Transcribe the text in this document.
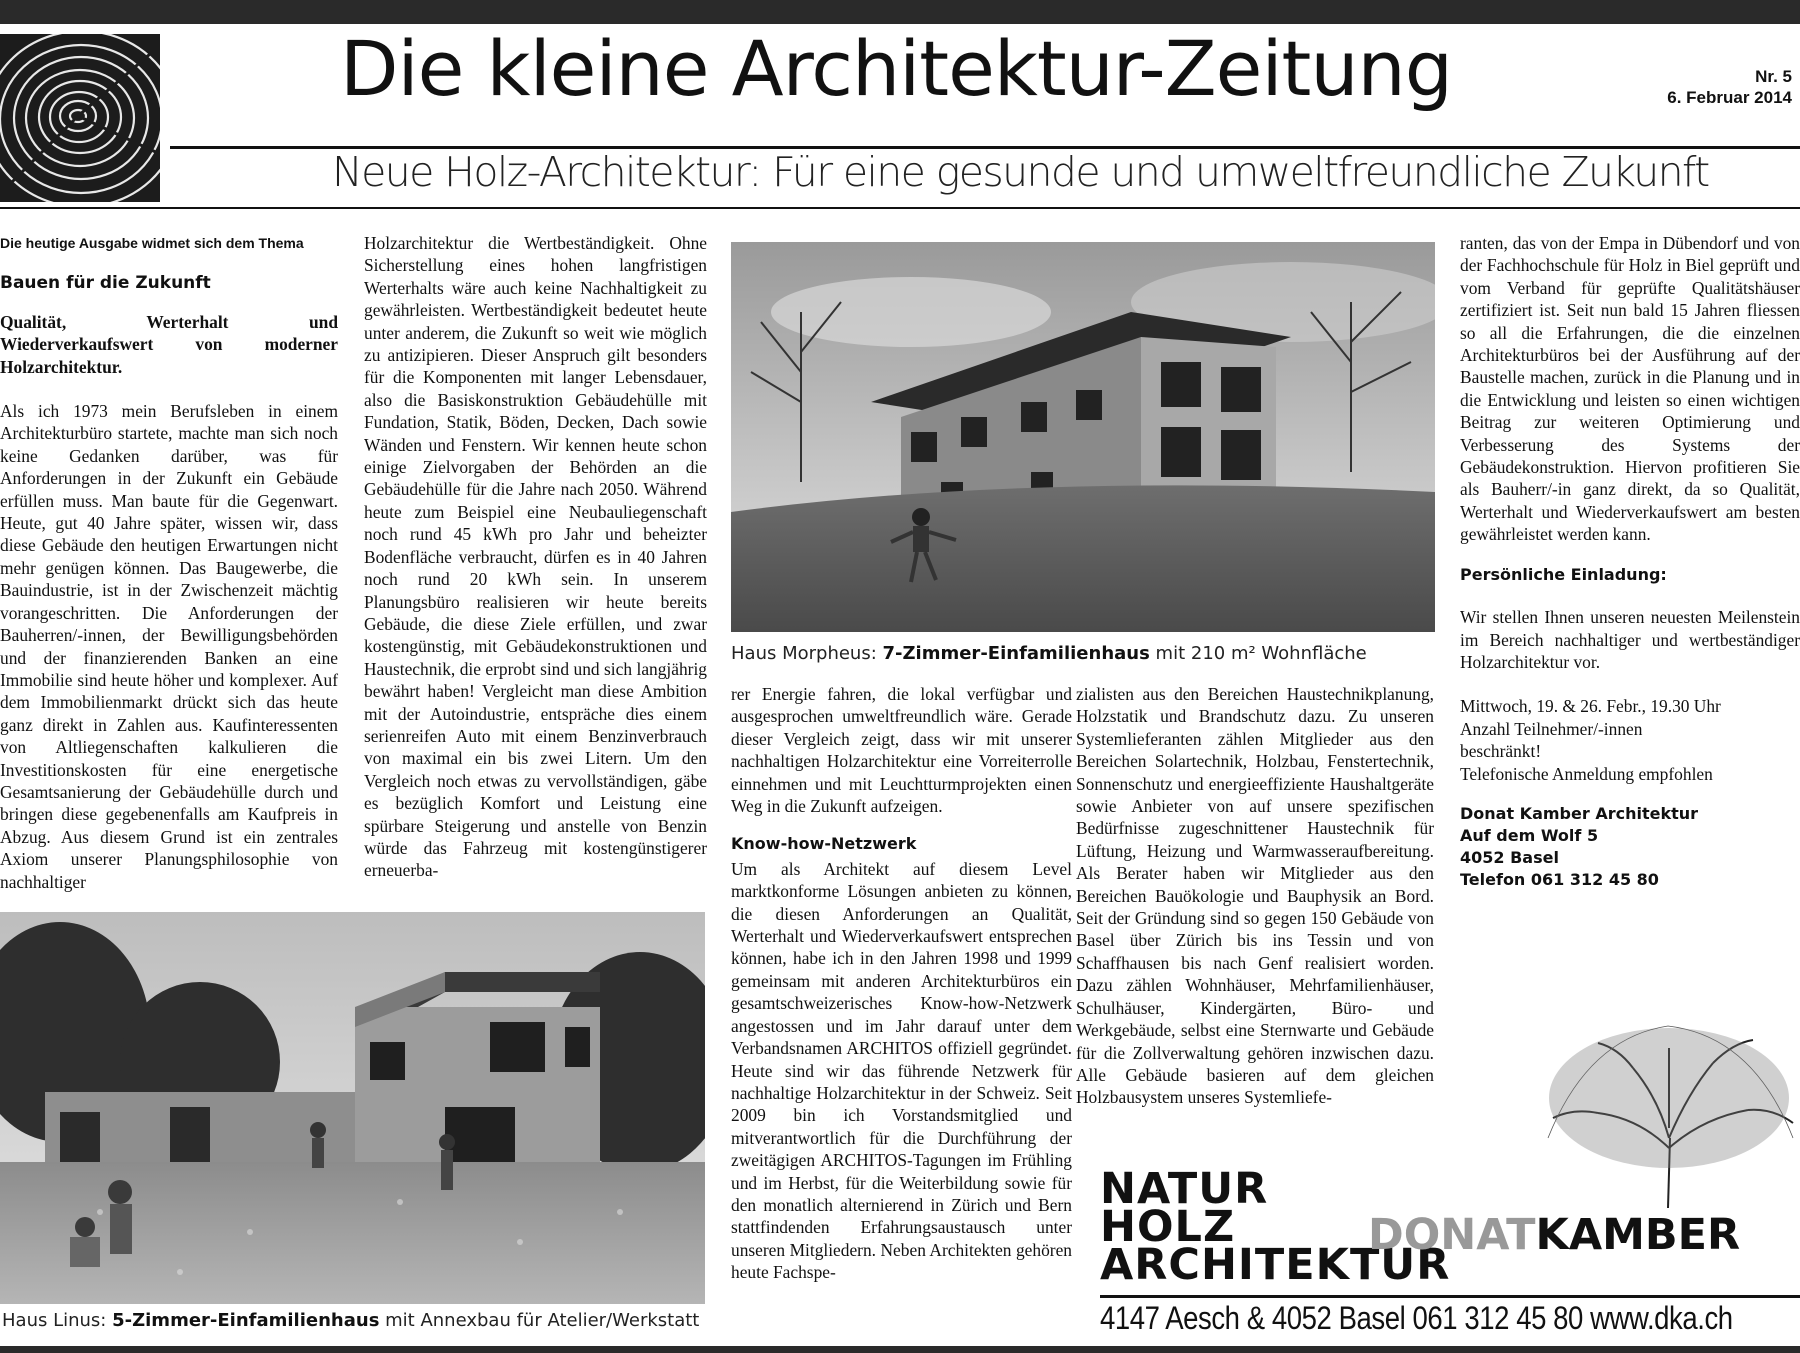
Die kleine Architektur-Zeitung	Nr. 5
6. Februar 2014
Neue Holz-Architektur: Für eine gesunde und umweltfreundliche Zukunft

Die heutige Ausgabe widmet sich dem Thema

Bauen für die Zukunft

Qualität, Werterhalt und Wiederverkaufswert von moderner Holzarchitektur.

Als ich 1973 mein Berufsleben in einem Architekturbüro startete, machte man sich noch keine Gedanken darüber, was für Anforderungen in der Zukunft ein Gebäude erfüllen muss. Man baute für die Gegenwart. Heute, gut 40 Jahre später, wissen wir, dass diese Gebäude den heutigen Erwartungen nicht mehr genügen können. Das Baugewerbe, die Bauindustrie, ist in der Zwischenzeit mächtig vorangeschritten. Die Anforderungen der Bauherren/-innen, der Bewilligungsbehörden und der finanzierenden Banken an eine Immobilie sind heute höher und komplexer. Auf dem Immobilienmarkt drückt sich das heute ganz direkt in Zahlen aus. Kaufinteressenten von Altliegenschaften kalkulieren die Investitionskosten für eine energetische Gesamtsanierung der Gebäudehülle durch und bringen diese gegebenenfalls am Kaufpreis in Abzug. Aus diesem Grund ist ein zentrales Axiom unserer Planungsphilosophie von nachhaltiger

Holzarchitektur die Wertbeständigkeit. Ohne Sicherstellung eines hohen langfristigen Werterhalts wäre auch keine Nachhaltigkeit zu gewährleisten. Wertbeständigkeit bedeutet heute unter anderem, die Zukunft so weit wie möglich zu antizipieren. Dieser Anspruch gilt besonders für die Komponenten mit langer Lebensdauer, also die Basiskonstruktion Gebäudehülle mit Fundation, Statik, Böden, Decken, Dach sowie Wänden und Fenstern. Wir kennen heute schon einige Zielvorgaben der Behörden an die Gebäudehülle für die Jahre nach 2050. Während heute zum Beispiel eine Neubauliegenschaft noch rund 45 kWh pro Jahr und beheizter Bodenfläche verbraucht, dürfen es in 40 Jahren noch rund 20 kWh sein. In unserem Planungsbüro realisieren wir heute bereits Gebäude, die diese Ziele erfüllen, und zwar kostengünstig, mit Gebäudekonstruktionen und Haustechnik, die erprobt sind und sich langjährig bewährt haben! Vergleicht man diese Ambition mit der Autoindustrie, entspräche dies einem serienreifen Auto mit einem Benzinverbrauch von maximal ein bis zwei Litern. Um den Vergleich noch etwas zu vervollständigen, gäbe es bezüglich Komfort und Leistung eine spürbare Steigerung und anstelle von Benzin würde das Fahrzeug mit kostengünstigerer erneuerba-

Haus Morpheus: 7-Zimmer-Einfamilienhaus mit 210 m² Wohnfläche

rer Energie fahren, die lokal verfügbar und ausgesprochen umweltfreundlich wäre. Gerade dieser Vergleich zeigt, dass wir mit unserer nachhaltigen Holzarchitektur eine Vorreiterrolle einnehmen und mit Leuchtturmprojekten einen Weg in die Zukunft aufzeigen.

Know-how-Netzwerk

Um als Architekt auf diesem Level marktkonforme Lösungen anbieten zu können, die diesen Anforderungen an Qualität, Werterhalt und Wiederverkaufswert entsprechen können, habe ich in den Jahren 1998 und 1999 gemeinsam mit anderen Architekturbüros ein gesamtschweizerisches Know-how-Netzwerk angestossen und im Jahr darauf unter dem Verbandsnamen ARCHITOS offiziell gegründet. Heute sind wir das führende Netzwerk für nachhaltige Holzarchitektur in der Schweiz. Seit 2009 bin ich Vorstandsmitglied und mitverantwortlich für die Durchführung der zweitägigen ARCHITOS-Tagungen im Frühling und im Herbst, für die Weiterbildung sowie für den monatlich alternierend in Zürich und Bern stattfindenden Erfahrungsaustausch unter unseren Mitgliedern. Neben Architekten gehören heute Fachspe-

zialisten aus den Bereichen Haustechnikplanung, Holzstatik und Brandschutz dazu. Zu unseren Systemlieferanten zählen Mitglieder aus den Bereichen Solartechnik, Holzbau, Fenstertechnik, Sonnenschutz und energieeffiziente Haushaltgeräte sowie Anbieter von auf unsere spezifischen Bedürfnisse zugeschnittener Haustechnik für Lüftung, Heizung und Warmwasseraufbereitung. Als Berater haben wir Mitglieder aus den Bereichen Bauökologie und Bauphysik an Bord. Seit der Gründung sind so gegen 150 Gebäude von Basel über Zürich bis ins Tessin und von Schaffhausen bis nach Genf realisiert worden. Dazu zählen Wohnhäuser, Mehrfamilienhäuser, Schulhäuser, Kindergärten, Büro- und Werkgebäude, selbst eine Sternwarte und Gebäude für die Zollverwaltung gehören inzwischen dazu. Alle Gebäude basieren auf dem gleichen Holzbausystem unseres Systemliefe-

ranten, das von der Empa in Dübendorf und von der Fachhochschule für Holz in Biel geprüft und vom Verband für geprüfte Qualitätshäuser zertifiziert ist. Seit nun bald 15 Jahren fliessen so all die Erfahrungen, die die einzelnen Architekturbüros bei der Ausführung auf der Baustelle machen, zurück in die Planung und in die Entwicklung und leisten so einen wichtigen Beitrag zur weiteren Optimierung und Verbesserung des Systems der Gebäudekonstruktion. Hiervon profitieren Sie als Bauherr/-in ganz direkt, da so Qualität, Werterhalt und Wiederverkaufswert am besten gewährleistet werden kann.

Persönliche Einladung:

Wir stellen Ihnen unseren neuesten Meilenstein im Bereich nachhaltiger und wertbeständiger Holzarchitektur vor.

Mittwoch, 19. & 26. Febr., 19.30 Uhr

Anzahl Teilnehmer/-innen

beschränkt!

Telefonische Anmeldung empfohlen

Donat Kamber Architektur
Auf dem Wolf 5
4052 Basel
Telefon 061 312 45 80
Haus Linus: 5-Zimmer-Einfamilienhaus mit Annexbau für Atelier/Werkstatt
NATUR
HOLZ
ARCHITEKTUR
DONATKAMBER
4147 Aesch & 4052 Basel 061 312 45 80 www.dka.ch
